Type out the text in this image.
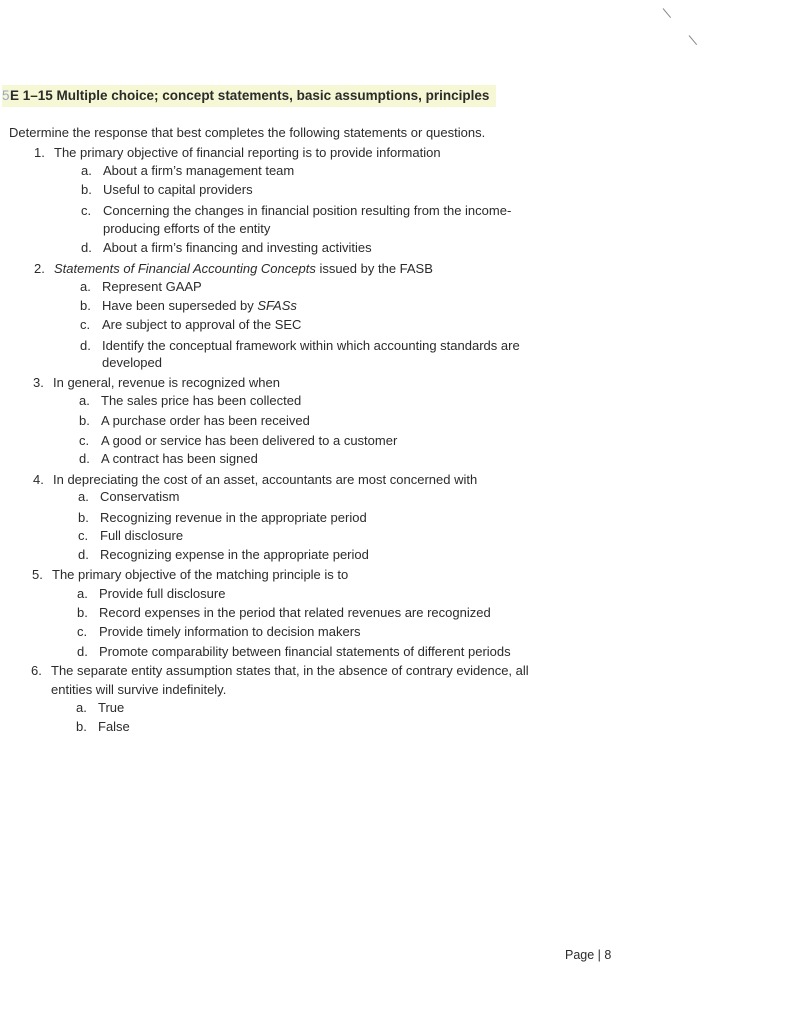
5E 1–15 Multiple choice; concept statements, basic assumptions, principles
Determine the response that best completes the following statements or questions.
1. The primary objective of financial reporting is to provide information
a. About a firm’s management team
b. Useful to capital providers
c. Concerning the changes in financial position resulting from the income-
producing efforts of the entity
d. About a firm’s financing and investing activities
2. Statements of Financial Accounting Concepts issued by the FASB
a. Represent GAAP
b. Have been superseded by SFASs
c. Are subject to approval of the SEC
d. Identify the conceptual framework within which accounting standards are
developed
3. In general, revenue is recognized when
a. The sales price has been collected
b. A purchase order has been received
c. A good or service has been delivered to a customer
d. A contract has been signed
4. In depreciating the cost of an asset, accountants are most concerned with
a. Conservatism
b. Recognizing revenue in the appropriate period
c. Full disclosure
d. Recognizing expense in the appropriate period
5. The primary objective of the matching principle is to
a. Provide full disclosure
b. Record expenses in the period that related revenues are recognized
c. Provide timely information to decision makers
d. Promote comparability between financial statements of different periods
6. The separate entity assumption states that, in the absence of contrary evidence, all
entities will survive indefinitely.
a. True
b. False
Page | 8
